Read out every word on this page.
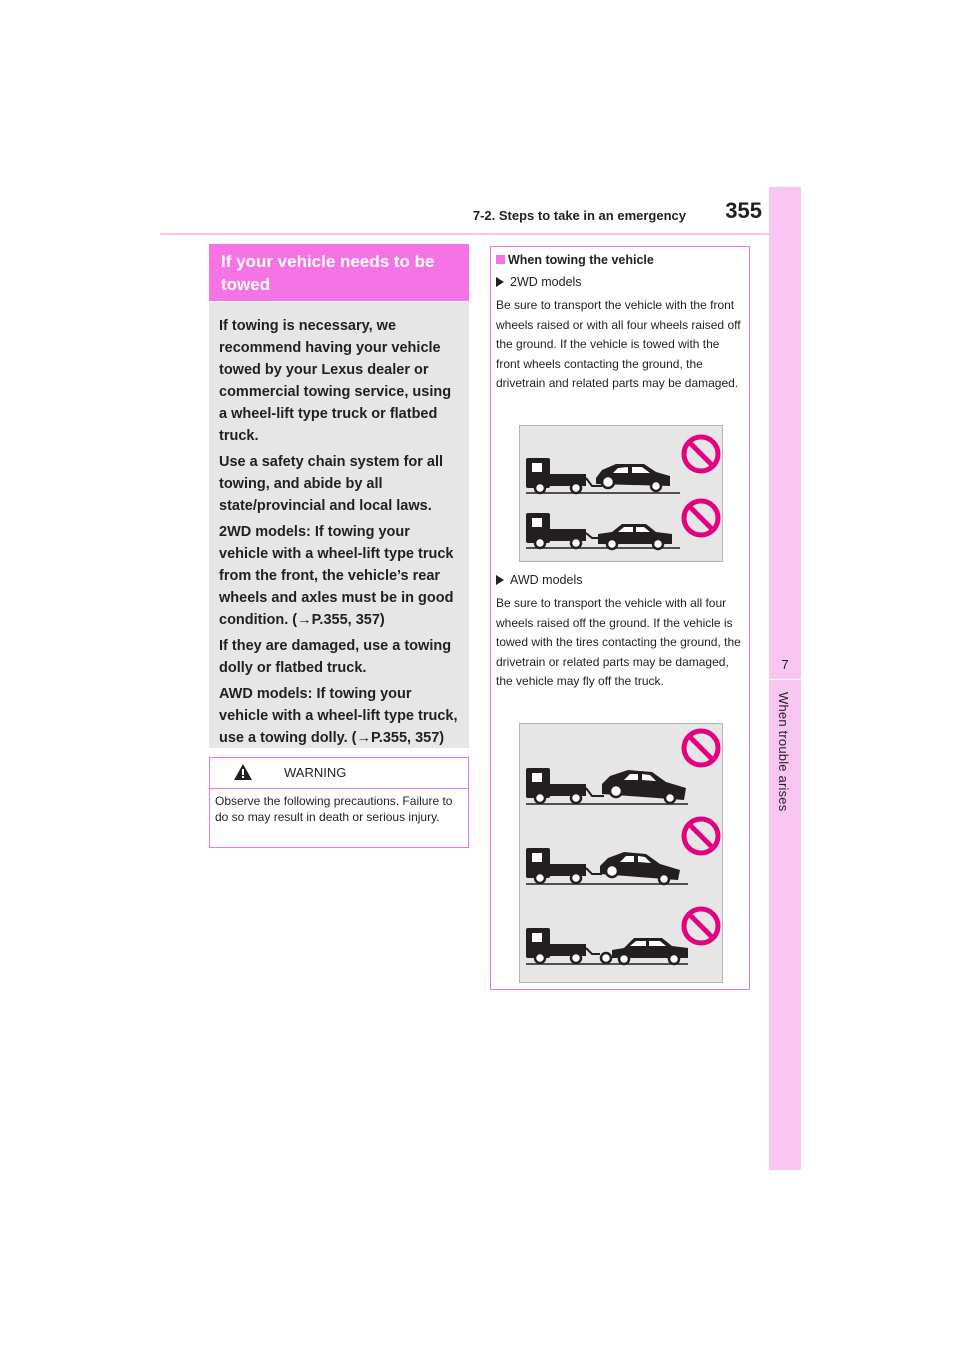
7-2. Steps to take in an emergency	355
7
When trouble arises
If your vehicle needs to be towed

If towing is necessary, we recommend having your vehicle towed by your Lexus dealer or commercial towing service, using a wheel-lift type truck or flatbed truck.

Use a safety chain system for all towing, and abide by all state/provincial and local laws.

2WD models: If towing your vehicle with a wheel-lift type truck from the front, the vehicle’s rear wheels and axles must be in good condition. (→P.355, 357)

If they are damaged, use a towing dolly or flatbed truck.

AWD models: If towing your vehicle with a wheel-lift type truck, use a towing dolly. (→P.355, 357)

WARNING
Observe the following precautions. Failure to do so may result in death or serious injury.
When towing the vehicle
2WD models
Be sure to transport the vehicle with the front wheels raised or with all four wheels raised off the ground. If the vehicle is towed with the front wheels contacting the ground, the drivetrain and related parts may be damaged.
AWD models
Be sure to transport the vehicle with all four wheels raised off the ground. If the vehicle is towed with the tires contacting the ground, the drivetrain or related parts may be damaged, the vehicle may fly off the truck.
